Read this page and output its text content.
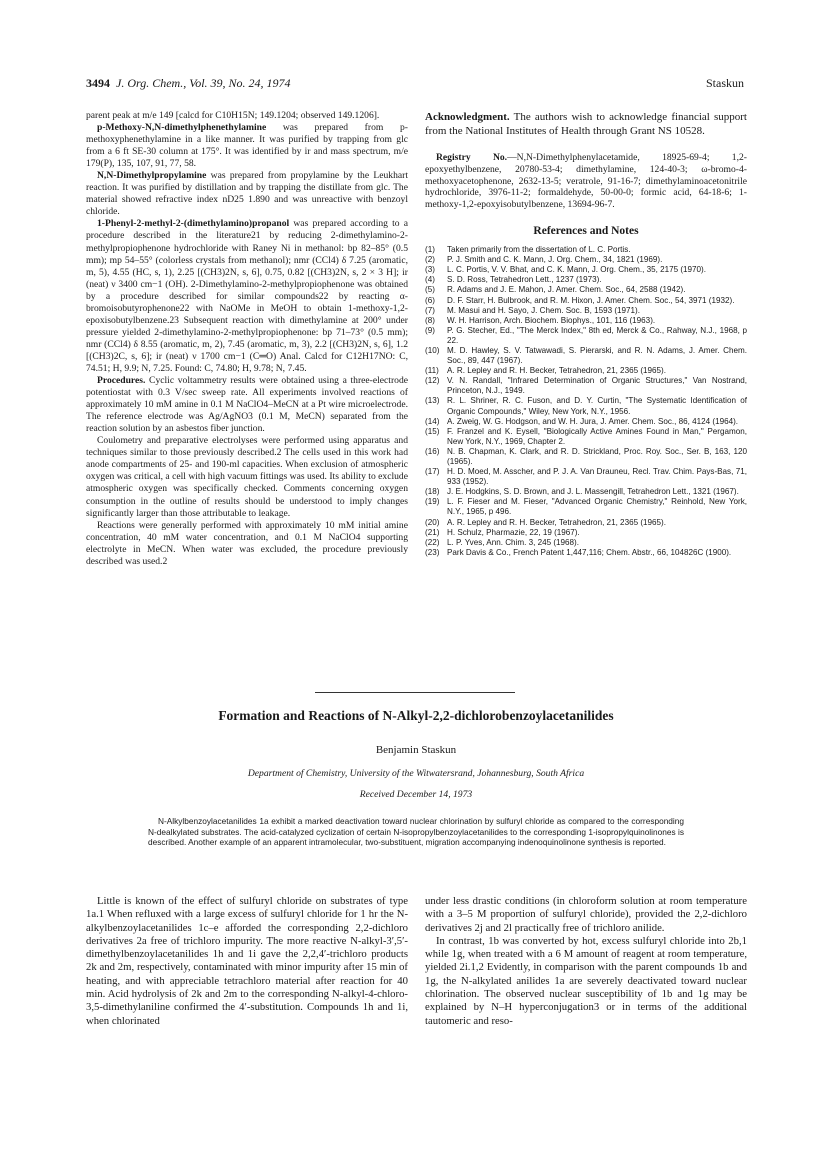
3494 J. Org. Chem., Vol. 39, No. 24, 1974	Staskun

parent peak at m/e 149 [calcd for C10H15N; 149.1204; observed 149.1206].

p-Methoxy-N,N-dimethylphenethylamine was prepared from p-methoxyphenethylamine in a like manner. It was purified by trapping from glc from a 6 ft SE-30 column at 175°. It was identified by ir and mass spectrum, m/e 179(P), 135, 107, 91, 77, 58.

N,N-Dimethylpropylamine was prepared from propylamine by the Leukhart reaction. It was purified by distillation and by trapping the distillate from glc. The material showed refractive index nD25 1.890 and was unreactive with benzoyl chloride.

1-Phenyl-2-methyl-2-(dimethylamino)propanol was prepared according to a procedure described in the literature21 by reducing 2-dimethylamino-2-methylpropiophenone hydrochloride with Raney Ni in methanol: bp 82–85° (0.5 mm); mp 54–55° (colorless crystals from methanol); nmr (CCl4) δ 7.25 (aromatic, m, 5), 4.55 (HC, s, 1), 2.25 [(CH3)2N, s, 6], 0.75, 0.82 [(CH3)2N, s, 2 × 3 H]; ir (neat) ν 3400 cm−1 (OH). 2-Dimethylamino-2-methylpropiophenone was obtained by a procedure described for similar compounds22 by reacting α-bromoisobutyrophenone22 with NaOMe in MeOH to obtain 1-methoxy-1,2-epoxisobutylbenzene.23 Subsequent reaction with dimethylamine at 200° under pressure yielded 2-dimethylamino-2-methylpropiophenone: bp 71–73° (0.5 mm); nmr (CCl4) δ 8.55 (aromatic, m, 2), 7.45 (aromatic, m, 3), 2.2 [(CH3)2N, s, 6], 1.2 [(CH3)2C, s, 6]; ir (neat) ν 1700 cm−1 (C═O) Anal. Calcd for C12H17NO: C, 74.51; H, 9.9; N, 7.25. Found: C, 74.80; H, 9.78; N, 7.45.

Procedures. Cyclic voltammetry results were obtained using a three-electrode potentiostat with 0.3 V/sec sweep rate. All experiments involved reactions of approximately 10 mM amine in 0.1 M NaClO4–MeCN at a Pt wire microelectrode. The reference electrode was Ag/AgNO3 (0.1 M, MeCN) separated from the reaction solution by an asbestos fiber junction.

Coulometry and preparative electrolyses were performed using apparatus and techniques similar to those previously described.2 The cells used in this work had anode compartments of 25- and 190-ml capacities. When exclusion of atmospheric oxygen was critical, a cell with high vacuum fittings was used. Its ability to exclude atmospheric oxygen was specifically checked. Comments concerning oxygen consumption in the outline of results should be understood to imply changes significantly larger than those attributable to leakage.

Reactions were generally performed with approximately 10 mM initial amine concentration, 40 mM water concentration, and 0.1 M NaClO4 supporting electrolyte in MeCN. When water was excluded, the procedure previously described was used.2

Acknowledgment. The authors wish to acknowledge financial support from the National Institutes of Health through Grant NS 10528.

Registry No.—N,N-Dimethylphenylacetamide, 18925-69-4; 1,2-epoxyethylbenzene, 20780-53-4; dimethylamine, 124-40-3; ω-bromo-4-methoxyacetophenone, 2632-13-5; veratrole, 91-16-7; dimethylaminoacetonitrile hydrochloride, 3976-11-2; formaldehyde, 50-00-0; formic acid, 64-18-6; 1-methoxy-1,2-epoxyisobutylbenzene, 13694-96-7.

References and Notes
(1) Taken primarily from the dissertation of L. C. Portis.
(2) P. J. Smith and C. K. Mann, J. Org. Chem., 34, 1821 (1969).
(3) L. C. Portis, V. V. Bhat, and C. K. Mann, J. Org. Chem., 35, 2175 (1970).
(4) S. D. Ross, Tetrahedron Lett., 1237 (1973).
(5) R. Adams and J. E. Mahon, J. Amer. Chem. Soc., 64, 2588 (1942).
(6) D. F. Starr, H. Bulbrook, and R. M. Hixon, J. Amer. Chem. Soc., 54, 3971 (1932).
(7) M. Masui and H. Sayo, J. Chem. Soc. B, 1593 (1971).
(8) W. H. Harrison, Arch. Biochem. Biophys., 101, 116 (1963).
(9) P. G. Stecher, Ed., "The Merck Index," 8th ed, Merck & Co., Rahway, N.J., 1968, p 22.
(10) M. D. Hawley, S. V. Tatwawadi, S. Pierarski, and R. N. Adams, J. Amer. Chem. Soc., 89, 447 (1967).
(11) A. R. Lepley and R. H. Becker, Tetrahedron, 21, 2365 (1965).
(12) V. N. Randall, "Infrared Determination of Organic Structures," Van Nostrand, Princeton, N.J., 1949.
(13) R. L. Shriner, R. C. Fuson, and D. Y. Curtin, "The Systematic Identification of Organic Compounds," Wiley, New York, N.Y., 1956.
(14) A. Zweig, W. G. Hodgson, and W. H. Jura, J. Amer. Chem. Soc., 86, 4124 (1964).
(15) F. Franzel and K. Eysell, "Biologically Active Amines Found in Man," Pergamon, New York, N.Y., 1969, Chapter 2.
(16) N. B. Chapman, K. Clark, and R. D. Strickland, Proc. Roy. Soc., Ser. B, 163, 120 (1965).
(17) H. D. Moed, M. Asscher, and P. J. A. Van Drauneu, Recl. Trav. Chim. Pays-Bas, 71, 933 (1952).
(18) J. E. Hodgkins, S. D. Brown, and J. L. Massengill, Tetrahedron Lett., 1321 (1967).
(19) L. F. Fieser and M. Fieser, "Advanced Organic Chemistry," Reinhold, New York, N.Y., 1965, p 496.
(20) A. R. Lepley and R. H. Becker, Tetrahedron, 21, 2365 (1965).
(21) H. Schulz, Pharmazie, 22, 19 (1967).
(22) L. P. Yves, Ann. Chim. 3, 245 (1968).
(23) Park Davis & Co., French Patent 1,447,116; Chem. Abstr., 66, 104826C (1900).
Formation and Reactions of N-Alkyl-2,2-dichlorobenzoylacetanilides
Benjamin Staskun
Department of Chemistry, University of the Witwatersrand, Johannesburg, South Africa
Received December 14, 1973
N-Alkylbenzoylacetanilides 1a exhibit a marked deactivation toward nuclear chlorination by sulfuryl chloride as compared to the corresponding N-dealkylated substrates. The acid-catalyzed cyclization of certain N-isopropylbenzoylacetanilides to the corresponding 1-isopropylquinolinones is described. Another example of an apparent intramolecular, two-substituent, migration accompanying indenoquinolinone synthesis is reported.

Little is known of the effect of sulfuryl chloride on substrates of type 1a.1 When refluxed with a large excess of sulfuryl chloride for 1 hr the N-alkylbenzoylacetanilides 1c–e afforded the corresponding 2,2-dichloro derivatives 2a free of trichloro impurity. The more reactive N-alkyl-3′,5′-dimethylbenzoylacetanilides 1h and 1i gave the 2,2,4′-trichloro products 2k and 2m, respectively, contaminated with minor impurity after 15 min of heating, and with appreciable tetrachloro material after reaction for 40 min. Acid hydrolysis of 2k and 2m to the corresponding N-alkyl-4-chloro-3,5-dimethylaniline confirmed the 4′-substitution. Compounds 1h and 1i, when chlorinated

under less drastic conditions (in chloroform solution at room temperature with a 3–5 M proportion of sulfuryl chloride), provided the 2,2-dichloro derivatives 2j and 2l practically free of trichloro anilide.

In contrast, 1b was converted by hot, excess sulfuryl chloride into 2b,1 while 1g, when treated with a 6 M amount of reagent at room temperature, yielded 2i.1,2 Evidently, in comparison with the parent compounds 1b and 1g, the N-alkylated anilides 1a are severely deactivated toward nuclear chlorination. The observed nuclear susceptibility of 1b and 1g may be explained by N–H hyperconjugation3 or in terms of the additional tautomeric and reso-
